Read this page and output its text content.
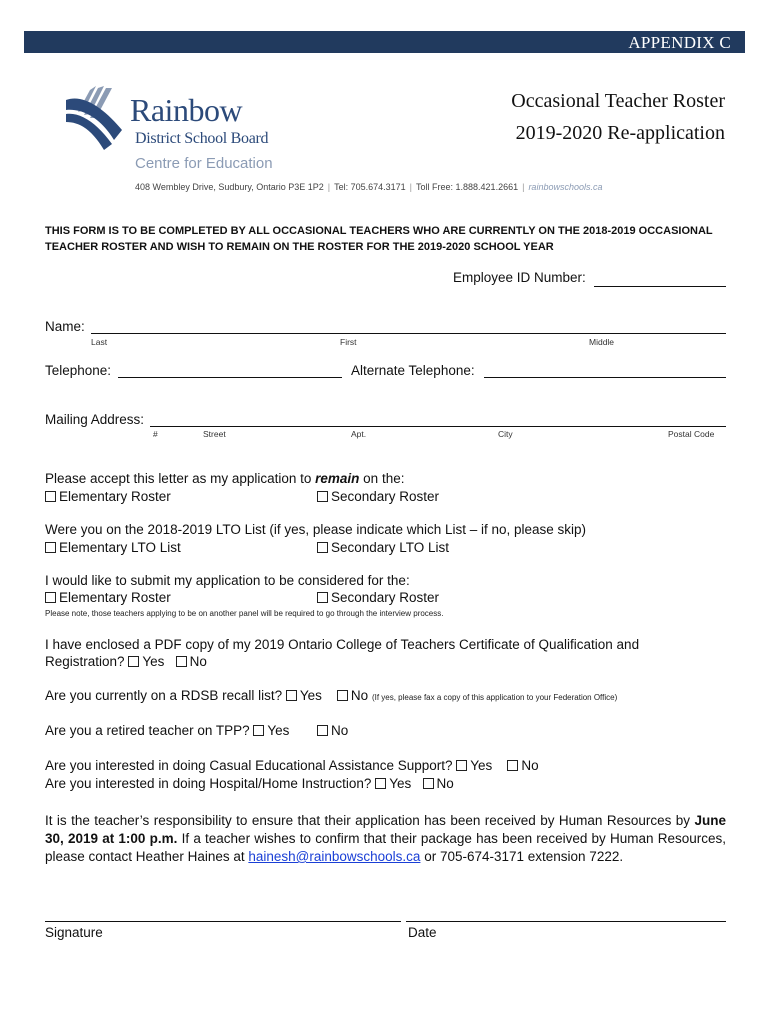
APPENDIX C
Rainbow
District School Board
Centre for Education
408 Wembley Drive, Sudbury, Ontario P3E 1P2 | Tel: 705.674.3171 | Toll Free: 1.888.421.2661 | rainbowschools.ca
Occasional Teacher Roster
2019-2020 Re-application
THIS FORM IS TO BE COMPLETED BY ALL OCCASIONAL TEACHERS WHO ARE CURRENTLY ON THE 2018-2019 OCCASIONAL TEACHER ROSTER AND WISH TO REMAIN ON THE ROSTER FOR THE 2019-2020 SCHOOL YEAR
Employee ID Number:
Name:
Last	First	Middle
Telephone:	Alternate Telephone:
Mailing Address:
#	Street	Apt.	City	Postal Code
Please accept this letter as my application to remain on the:
Elementary Roster	Secondary Roster
Were you on the 2018-2019 LTO List (if yes, please indicate which List – if no, please skip)
Elementary LTO List	Secondary LTO List
I would like to submit my application to be considered for the:
Elementary Roster	Secondary Roster
Please note, those teachers applying to be on another panel will be required to go through the interview process.
I have enclosed a PDF copy of my 2019 Ontario College of Teachers Certificate of Qualification and
Registration? Yes No
Are you currently on a RDSB recall list? Yes No (If yes, please fax a copy of this application to your Federation Office)
Are you a retired teacher on TPP? Yes	No
Are you interested in doing Casual Educational Assistance Support? Yes No
Are you interested in doing Hospital/Home Instruction? Yes No
It is the teacher’s responsibility to ensure that their application has been received by Human Resources by June 30, 2019 at 1:00 p.m. If a teacher wishes to confirm that their package has been received by Human Resources, please contact Heather Haines at hainesh@rainbowschools.ca or 705-674-3171 extension 7222.
Signature	Date
